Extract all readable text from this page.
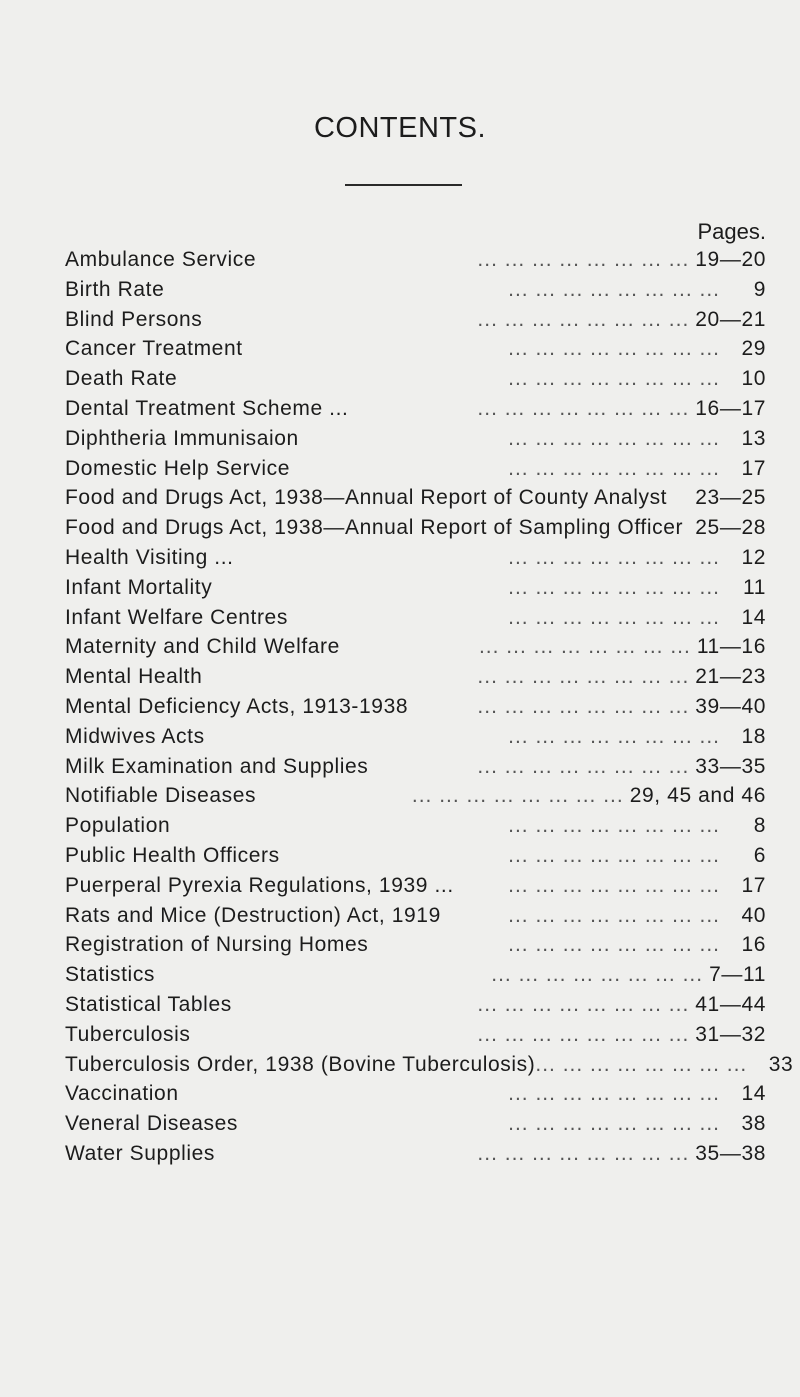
CONTENTS.
Pages.
Ambulance Service	... ... ... ... ... ... ... ... 19—20
Birth Rate	... ... ... ... ... ... ... ...	9
Blind Persons	... ... ... ... ... ... ... ... 20—21
Cancer Treatment	... ... ... ... ... ... ... ...	29
Death Rate	... ... ... ... ... ... ... ...	10
Dental Treatment Scheme ...	... ... ... ... ... ... ... ... 16—17
Diphtheria Immunisaion	... ... ... ... ... ... ... ...	13
Domestic Help Service	... ... ... ... ... ... ... ...	17
Food and Drugs Act, 1938—Annual Report of County Analyst 23—25
Food and Drugs Act, 1938—Annual Report of Sampling Officer 25—28
Health Visiting ...	... ... ... ... ... ... ... ...	12
Infant Mortality	... ... ... ... ... ... ... ...	11
Infant Welfare Centres	... ... ... ... ... ... ... ...	14
Maternity and Child Welfare	... ... ... ... ... ... ... ... 11—16
Mental Health	... ... ... ... ... ... ... ... 21—23
Mental Deficiency Acts, 1913-1938	... ... ... ... ... ... ... ... 39—40
Midwives Acts	... ... ... ... ... ... ... ...	18
Milk Examination and Supplies	... ... ... ... ... ... ... ... 33—35
Notifiable Diseases	... ... ... ... ... ... ... ... 29, 45 and 46
Population	... ... ... ... ... ... ... ...	8
Public Health Officers	... ... ... ... ... ... ... ...	6
Puerperal Pyrexia Regulations, 1939 ...	... ... ... ... ... ... ... ...	17
Rats and Mice (Destruction) Act, 1919	... ... ... ... ... ... ... ...	40
Registration of Nursing Homes	... ... ... ... ... ... ... ...	16
Statistics	... ... ... ... ... ... ... ... 7—11
Statistical Tables	... ... ... ... ... ... ... ... 41—44
Tuberculosis	... ... ... ... ... ... ... ... 31—32
Tuberculosis Order, 1938 (Bovine Tuberculosis) ... ... ... ... ... ... ... ...	33
Vaccination	... ... ... ... ... ... ... ...	14
Veneral Diseases	... ... ... ... ... ... ... ...	38
Water Supplies	... ... ... ... ... ... ... ... 35—38
